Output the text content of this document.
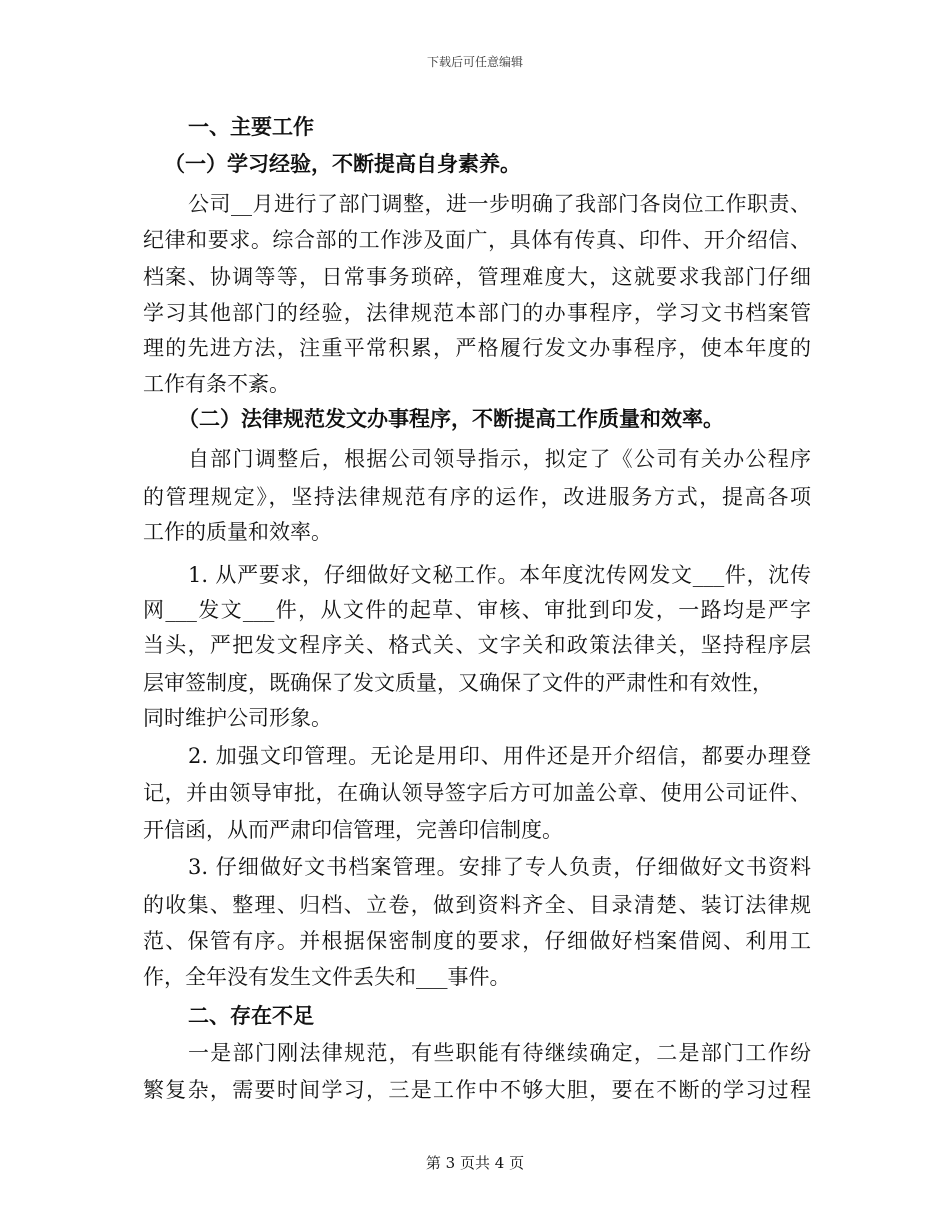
下载后可任意编辑
一、主要工作
（一）学习经验，不断提高自身素养。
公司__月进行了部门调整，进一步明确了我部门各岗位工作职责、
纪律和要求。综合部的工作涉及面广，具体有传真、印件、开介绍信、
档案、协调等等，日常事务琐碎，管理难度大，这就要求我部门仔细
学习其他部门的经验，法律规范本部门的办事程序，学习文书档案管
理的先进方法，注重平常积累，严格履行发文办事程序，使本年度的
工作有条不紊。
（二）法律规范发文办事程序，不断提高工作质量和效率。
自部门调整后，根据公司领导指示，拟定了《公司有关办公程序
的管理规定》，坚持法律规范有序的运作，改进服务方式，提高各项
工作的质量和效率。
1. 从严要求，仔细做好文秘工作。本年度沈传网发文___件，沈传
网___发文___件，从文件的起草、审核、审批到印发，一路均是严字
当头，严把发文程序关、格式关、文字关和政策法律关，坚持程序层
层审签制度，既确保了发文质量，又确保了文件的严肃性和有效性，
同时维护公司形象。
2. 加强文印管理。无论是用印、用件还是开介绍信，都要办理登
记，并由领导审批，在确认领导签字后方可加盖公章、使用公司证件、
开信函，从而严肃印信管理，完善印信制度。
3. 仔细做好文书档案管理。安排了专人负责，仔细做好文书资料
的收集、整理、归档、立卷，做到资料齐全、目录清楚、装订法律规
范、保管有序。并根据保密制度的要求，仔细做好档案借阅、利用工
作，全年没有发生文件丢失和___事件。
二、存在不足
一是部门刚法律规范，有些职能有待继续确定，二是部门工作纷
繁复杂，需要时间学习，三是工作中不够大胆，要在不断的学习过程
第 3 页共 4 页
